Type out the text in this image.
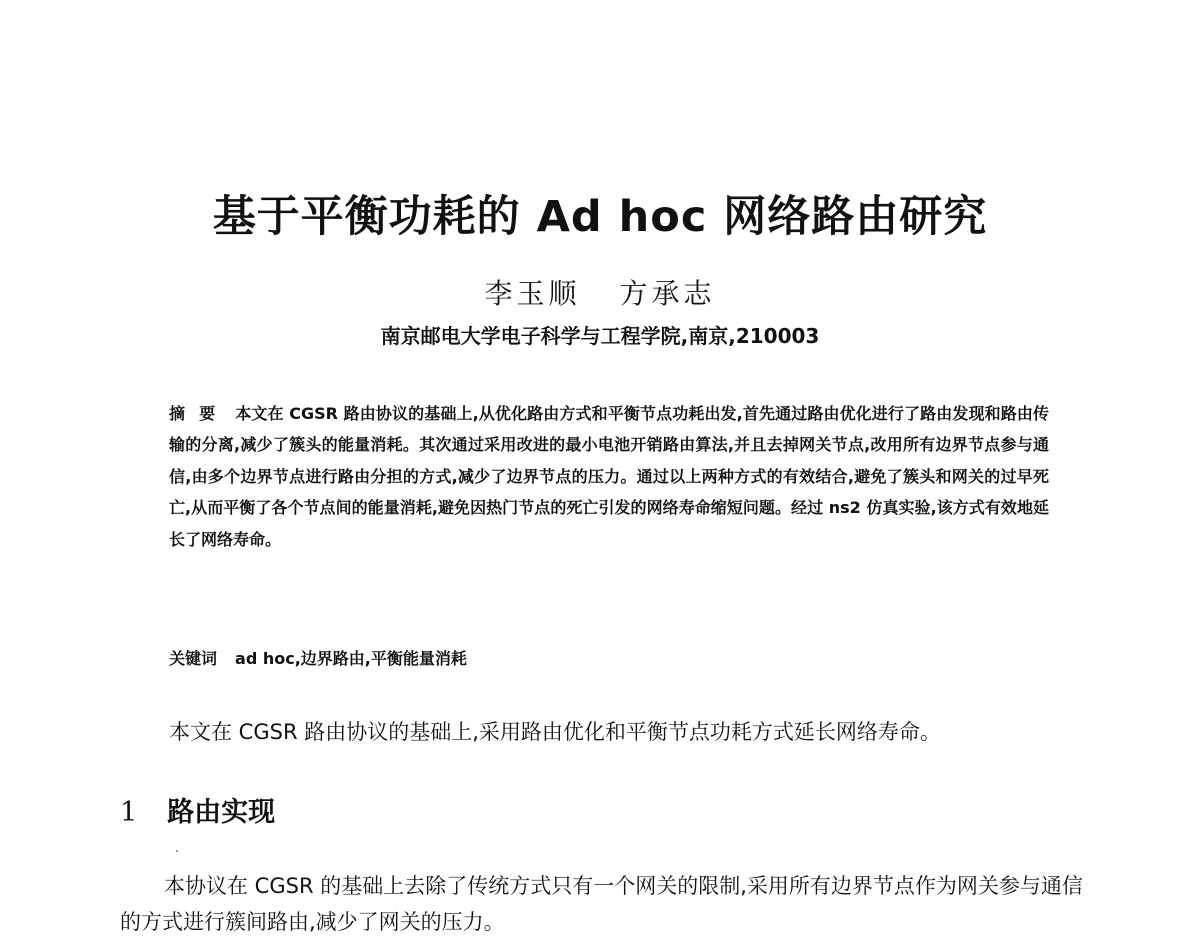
基于平衡功耗的 Ad hoc 网络路由研究
李玉顺 方承志
南京邮电大学电子科学与工程学院,南京,210003
摘要 本文在 CGSR 路由协议的基础上,从优化路由方式和平衡节点功耗出发,首先通过路由优化进行了路由发现和路由传输的分离,减少了簇头的能量消耗。其次通过采用改进的最小电池开销路由算法,并且去掉网关节点,改用所有边界节点参与通信,由多个边界节点进行路由分担的方式,减少了边界节点的压力。通过以上两种方式的有效结合,避免了簇头和网关的过早死亡,从而平衡了各个节点间的能量消耗,避免因热门节点的死亡引发的网络寿命缩短问题。经过 ns2 仿真实验,该方式有效地延长了网络寿命。
关键词 ad hoc,边界路由,平衡能量消耗
本文在 CGSR 路由协议的基础上,采用路由优化和平衡节点功耗方式延长网络寿命。
1 路由实现
本协议在 CGSR 的基础上去除了传统方式只有一个网关的限制,采用所有边界节点作为网关参与通信的方式进行簇间路由,减少了网关的压力。
